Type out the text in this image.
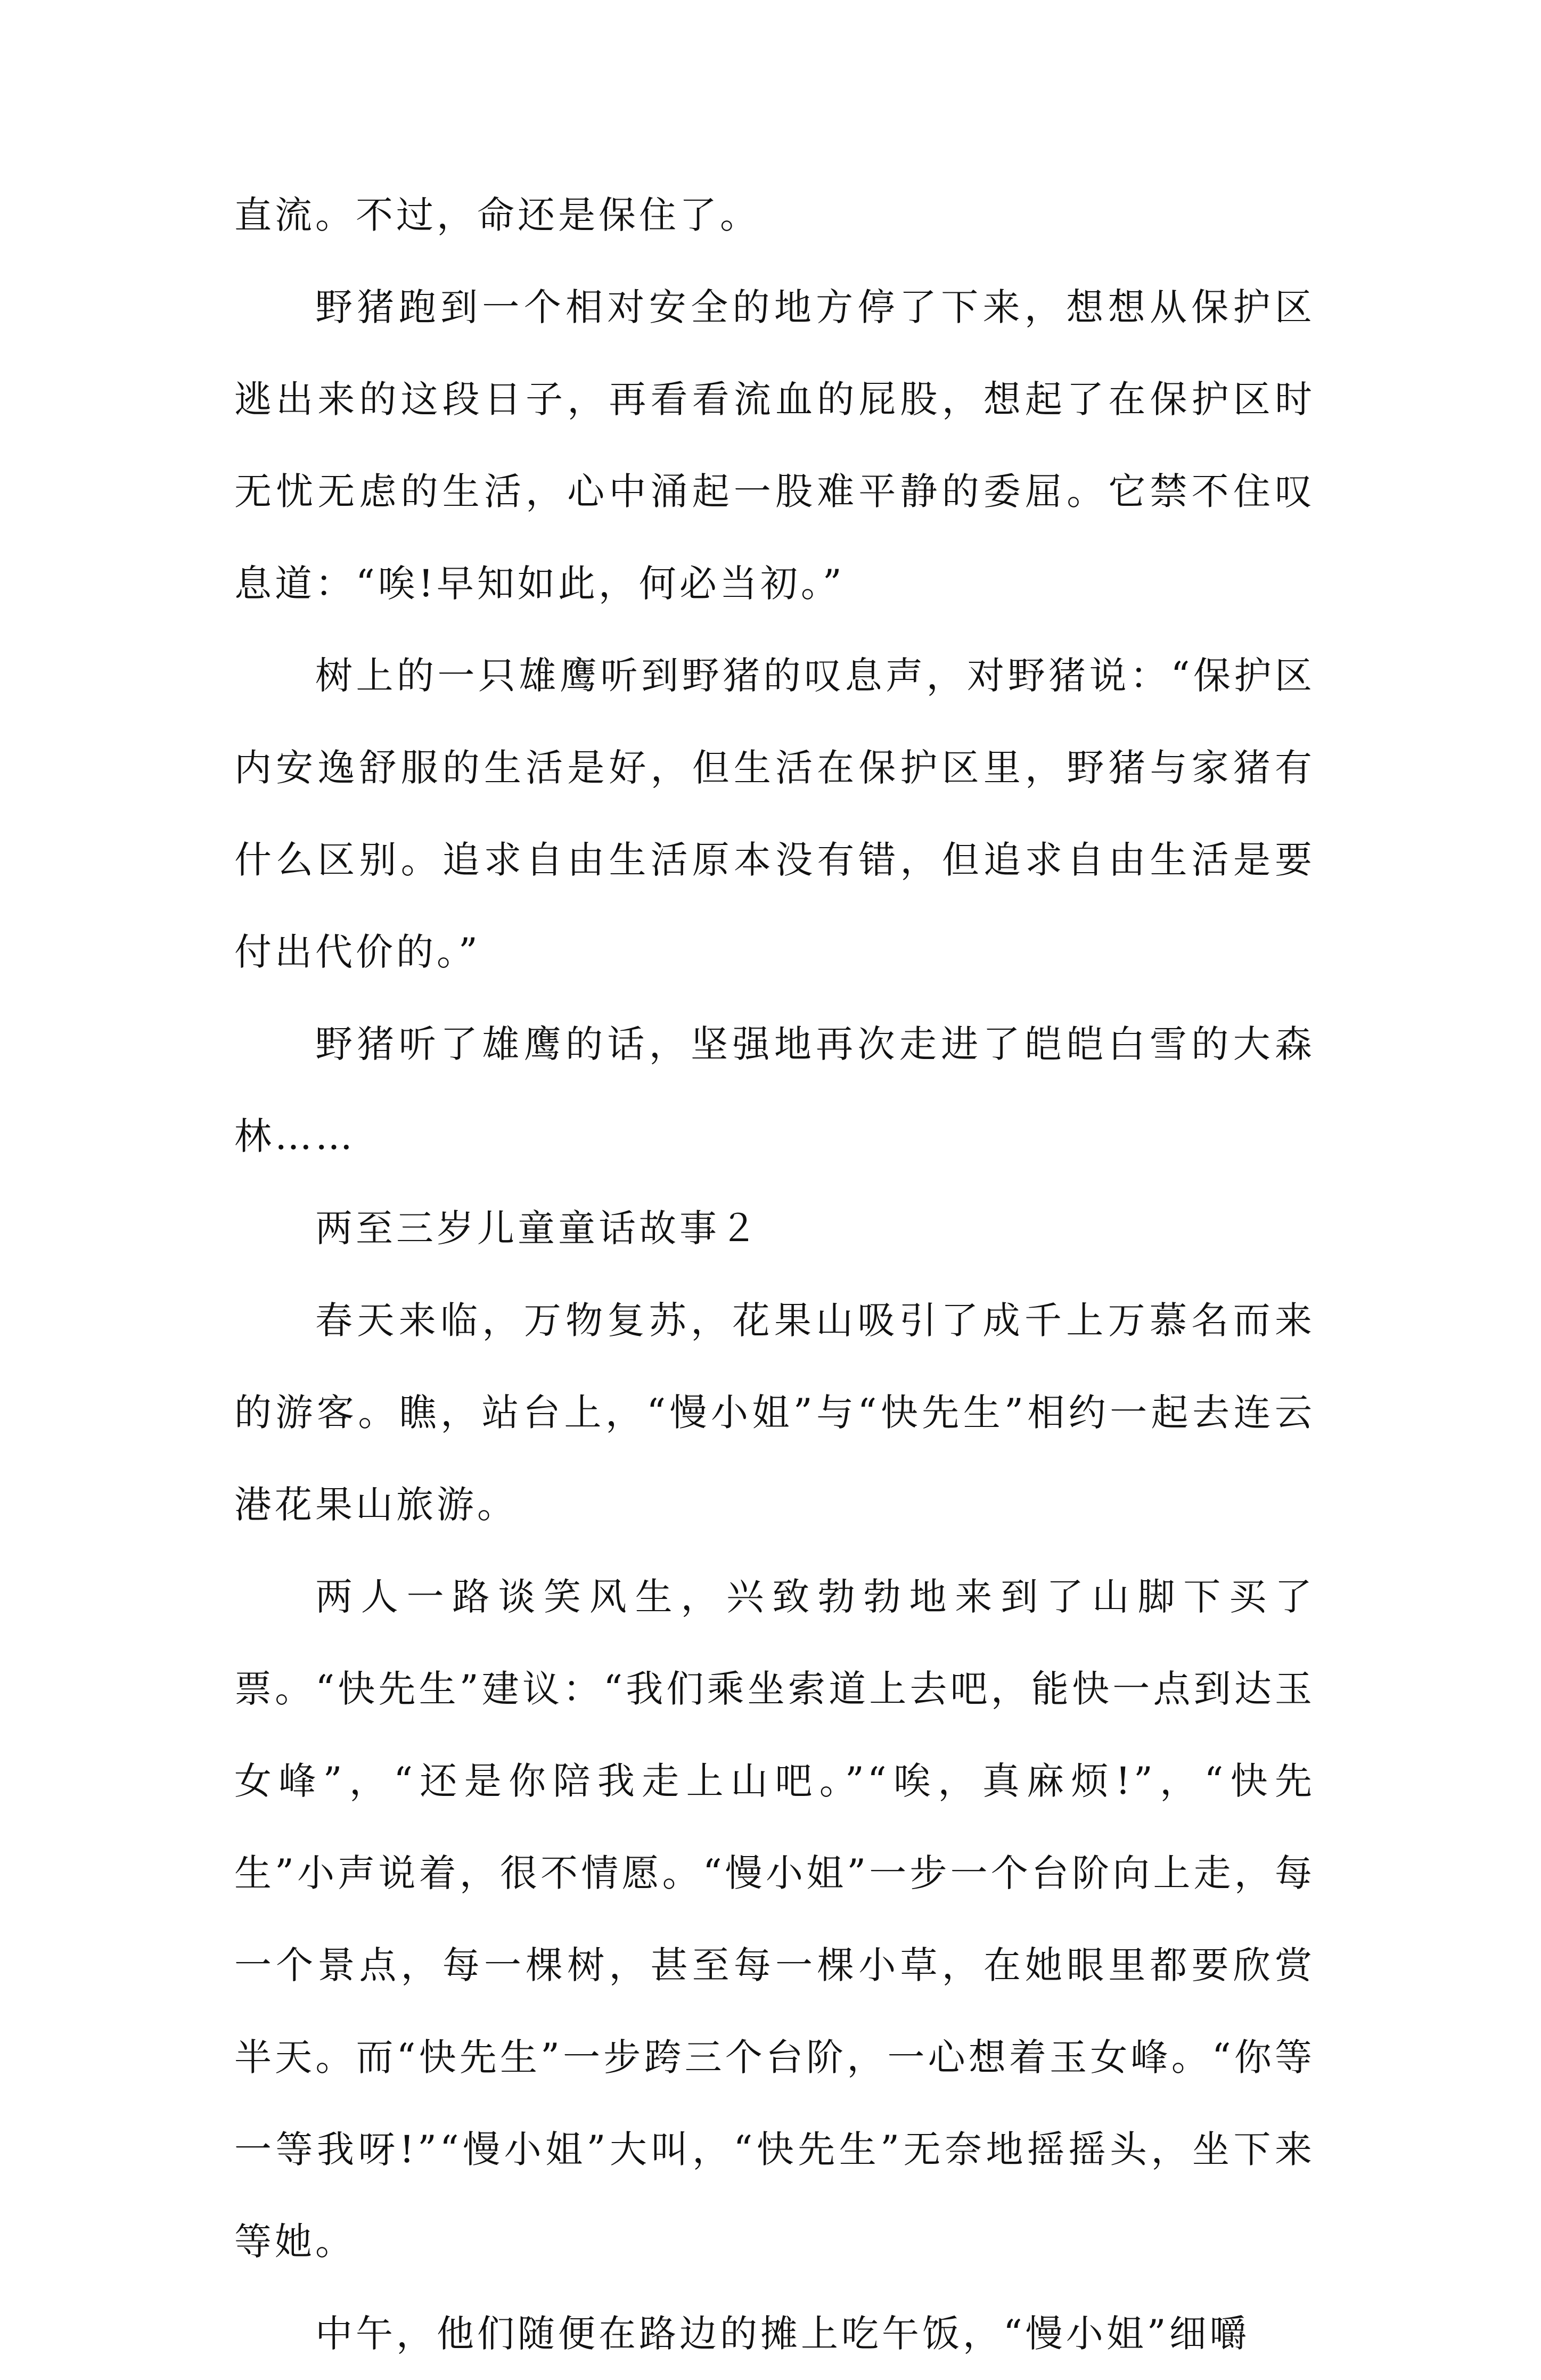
直流。不过，命还是保住了。

野猪跑到一个相对安全的地方停了下来，想想从保护区逃出来的这段日子，再看看流血的屁股，想起了在保护区时无忧无虑的生活，心中涌起一股难平静的委屈。它禁不住叹息道：“唉!早知如此，何必当初。”

树上的一只雄鹰听到野猪的叹息声，对野猪说：“保护区内安逸舒服的生活是好，但生活在保护区里，野猪与家猪有什么区别。追求自由生活原本没有错，但追求自由生活是要付出代价的。”

野猪听了雄鹰的话，坚强地再次走进了皑皑白雪的大森林……

两至三岁儿童童话故事２

春天来临，万物复苏，花果山吸引了成千上万慕名而来的游客。瞧，站台上，“慢小姐”与“快先生”相约一起去连云港花果山旅游。

两人一路谈笑风生，兴致勃勃地来到了山脚下买了票。“快先生”建议：“我们乘坐索道上去吧，能快一点到达玉女峰”，“还是你陪我走上山吧。”“唉，真麻烦!”，“快先生”小声说着，很不情愿。“慢小姐”一步一个台阶向上走，每一个景点，每一棵树，甚至每一棵小草，在她眼里都要欣赏半天。而“快先生”一步跨三个台阶，一心想着玉女峰。“你等一等我呀!”“慢小姐”大叫，“快先生”无奈地摇摇头，坐下来等她。

中午，他们随便在路边的摊上吃午饭，“慢小姐”细嚼
